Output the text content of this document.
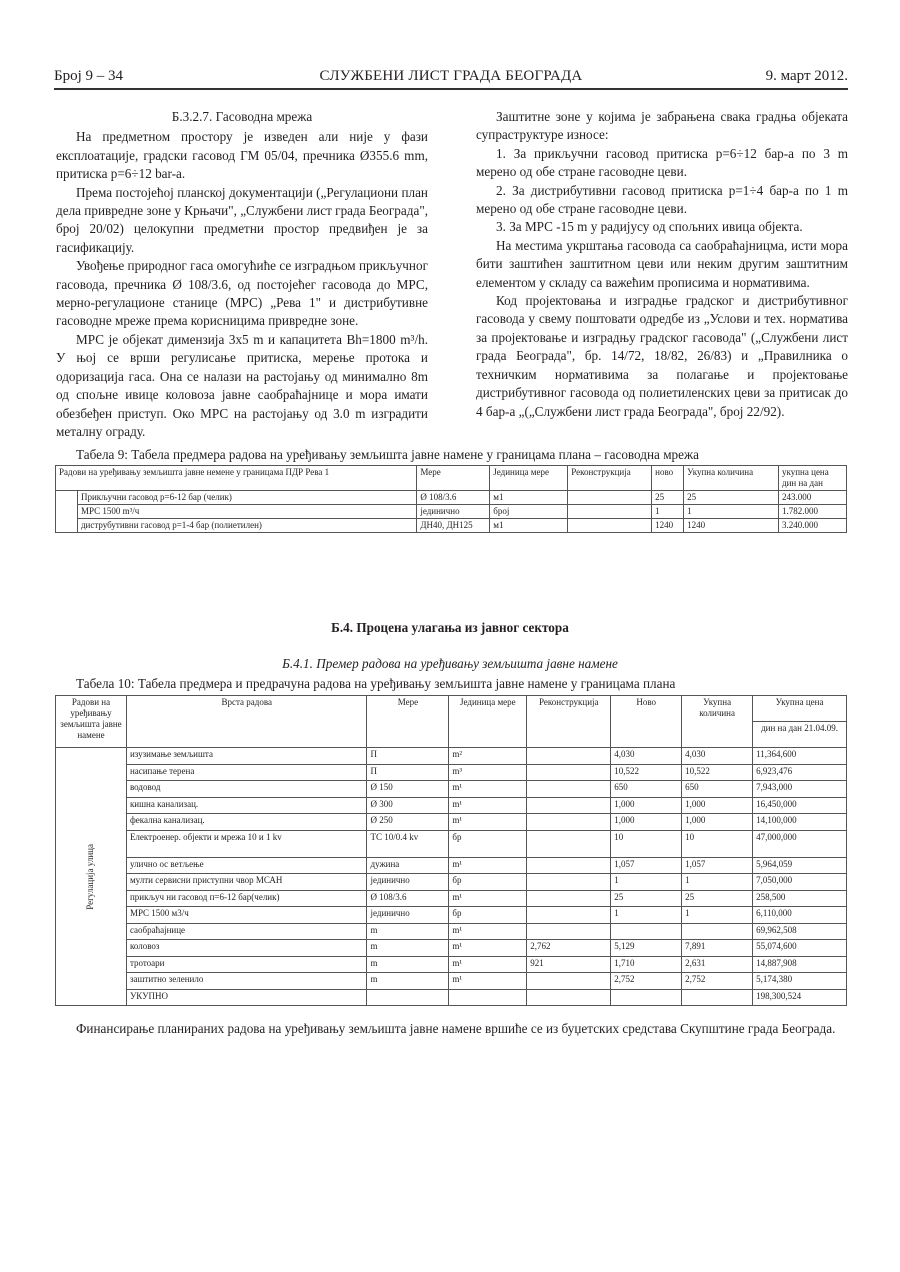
Број 9 – 34	СЛУЖБЕНИ ЛИСТ ГРАДА БЕОГРАДА	9. март 2012.
Б.3.2.7. Гасоводна мрежа

На предметном простору је изведен али није у фази експлоатације, градски гасовод ГМ 05/04, пречника Ø355.6 mm, притиска p=6÷12 bar-a.

Према постојећој планској документацији („Регулациони план дела привредне зоне у Крњачи", „Службени лист града Београда", број 20/02) целокупни предметни простор предвиђен је за гасификацију.

Увођење природног гаса омогућиће се изградњом прикључног гасовода, пречника Ø 108/3.6, од постојећег гасовода до МРС, мерно-регулационе станице (МРС) „Рева 1" и дистрибутивне гасоводне мреже према корисницима привредне зоне.

МРС је објекат димензија 3x5 m и капацитета Bh=1800 m³/h. У њој се врши регулисање притиска, мерење протока и одоризација гаса. Она се налази на растојању од минимално 8m од спољне ивице коловоза јавне саобраћајнице и мора имати обезбеђен приступ. Око МРС на растојању од 3.0 m изградити металну ограду.

Заштитне зоне у којима је забрањена свака градња објеката супраструктуре износе:

1. За прикључни гасовод притиска p=6÷12 бар-а по 3 m мерено од обе стране гасоводне цеви.

2. За дистрибутивни гасовод притиска p=1÷4 бар-а по 1 m мерено од обе стране гасоводне цеви.

3. За МРС -15 m у радијусу од спољних ивица објекта.

На местима укрштања гасовода са саобраћајницма, исти мора бити заштићен заштитном цеви или неким другим заштитним елементом у складу са важећим прописима и нормативима.

Код пројектовања и изградње градског и дистрибутивног гасовода у свему поштовати одредбе из „Услови и тех. норматива за пројектовање и изградњу градског гасовода" („Службени лист града Београда", бр. 14/72, 18/82, 26/83) и „Правилника о техничким нормативима за полагање и пројектовање дистрибутивног гасовода од полиетиленских цеви за притисак до 4 бар-а „(„Службени лист града Београда", број 22/92).

Табела 9: Табела предмера радова на уређивању земљишта јавне намене у границама плана – гасоводна мрежа
Радови на уређивању земљишта јавне немене у границама ПДР Рева 1		Мере	Јединица мере	Реконструкција	ново	Укупна количина	укупна цена дин на дан
	Прикључни гасовод p=6-12 бар (челик)	Ø 108/3.6	м1		25	25	243.000
	МРС 1500 m³/ч	јединично	број		1	1	1.782.000
	диструбутивни гасовод p=1-4 бар (полиетилен)	ДН40, ДН125	м1		1240	1240	3.240.000
Б.4. Процена улагања из јавног сектора
Б.4.1. Премер радова на уређивању земљишта јавне намене
Табела 10: Табела предмера и предрачуна радова на уређивању земљишта јавне намене у границама плана
Радови на уређивању земљишта јавне намене	Врста радова	Мере	Јединица мере	Реконструкција	Ново	Укупна количина	Укупна цена
							дин на дан 21.04.09.
Регулација улица	изузимање земљишта	П	m²		4,030	4,030	11,364,600
	насипање терена	П	m³		10,522	10,522	6,923,476
	водовод	Ø 150	m¹		650	650	7,943,000
	кишна канализац.	Ø 300	m¹		1,000	1,000	16,450,000
	фекална канализац.	Ø 250	m¹		1,000	1,000	14,100,000
	Електроенер. објекти и мрежа 10 и 1 kv	ТС 10/0.4 kv	бр		10	10	47,000,000
	улично ос ветљење	дужина	m¹		1,057	1,057	5,964,059
	мулти сервисни приступни чвор МСАН	јединично	бр		1	1	7,050,000
	прикључ ни гасовод п=6-12 бар(челик)	Ø 108/3.6	m¹		25	25	258,500
	МРС 1500 м3/ч	јединично	бр		1	1	6,110,000
	саобраћајнице	m	m¹				69,962,508
	коловоз	m	m¹	2,762	5,129	7,891	55,074,600
	тротоари	m	m¹	921	1,710	2,631	14,887,908
	заштитно зеленило	m	m¹		2,752	2,752	5,174,380
	УКУПНО						198,300,524
Финансирање планираних радова на уређивању земљишта јавне намене вршиће се из буџетских средстава Скупштине града Београда.
